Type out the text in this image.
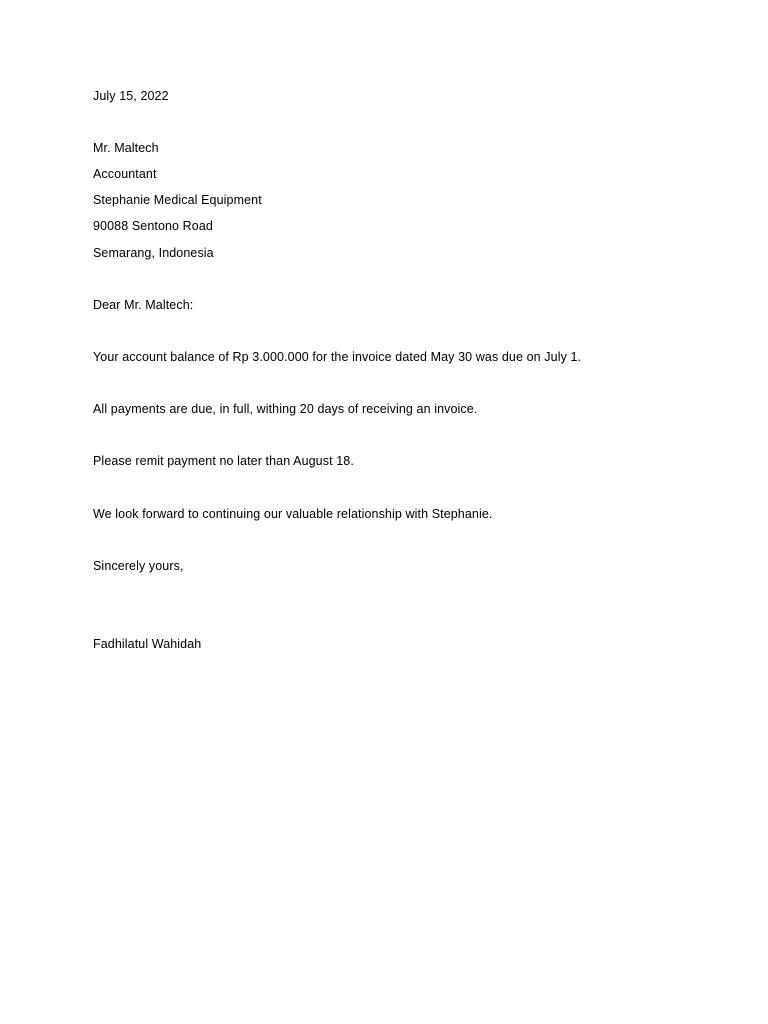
July 15, 2022
Mr. Maltech
Accountant
Stephanie Medical Equipment
90088 Sentono Road
Semarang, Indonesia
Dear Mr. Maltech:
Your account balance of Rp 3.000.000 for the invoice dated May 30 was due on July 1.
All payments are due, in full, withing 20 days of receiving an invoice.
Please remit payment no later than August 18.
We look forward to continuing our valuable relationship with Stephanie.
Sincerely yours,
Fadhilatul Wahidah
